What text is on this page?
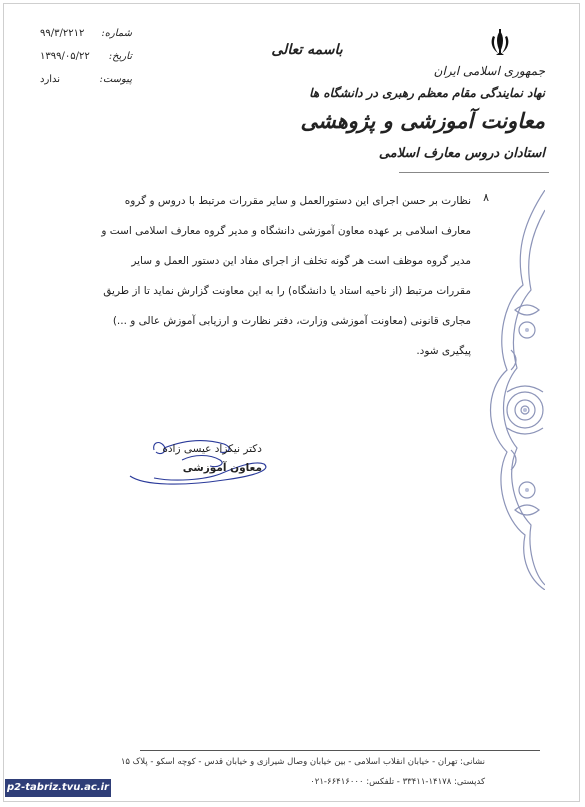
جمهوری اسلامی ایران
نهاد نمایندگی مقام معظم رهبری در دانشگاه ها
معاونت آموزشی و پژوهشی
استادان دروس معارف اسلامی
باسمه تعالی
شماره:
۹۹/۳/۲۲۱۲
تاریخ:
۱۳۹۹/۰۵/۲۲
پیوست:
ندارد
۸
نظارت بر حسن اجرای این دستورالعمل و سایر مقررات مرتبط با دروس و گروه معارف اسلامی بر عهده معاون آموزشی دانشگاه و مدیر گروه معارف اسلامی است و مدیر گروه موظف است هر گونه تخلف از اجرای مفاد این دستور العمل و سایر مقررات مرتبط (از ناحیه استاد یا دانشگاه) را به این معاونت گزارش نماید تا از طریق مجاری قانونی (معاونت آموزشی وزارت، دفتر نظارت و ارزیابی آموزش عالی و ...) پیگیری شود.
دکتر نیکزاد عیسی زاده
معاون آموزشی
نشانی: تهران - خیابان انقلاب اسلامی - بین خیابان وصال شیرازی و خیابان قدس - کوچه اسکو - پلاک ۱۵
کدپستی: ۱۴۱۷۸-۳۳۴۱۱ - تلفکس: ۶۶۴۱۶۰۰۰-۰۲۱
p2-tabriz.tvu.ac.ir
